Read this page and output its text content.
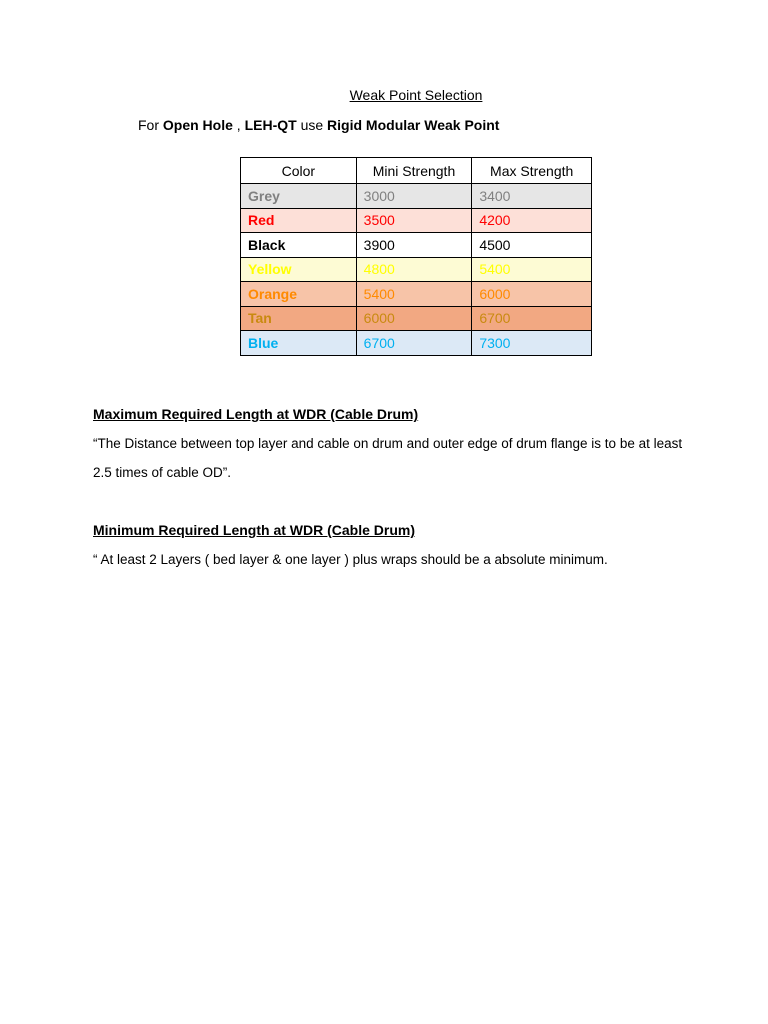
Weak Point Selection
For Open Hole , LEH-QT use Rigid Modular Weak Point
Color	Mini Strength	Max Strength
Grey	3000	3400
Red	3500	4200
Black	3900	4500
Yellow	4800	5400
Orange	5400	6000
Tan	6000	6700
Blue	6700	7300
Maximum Required Length at WDR (Cable Drum)
“The Distance between top layer and cable on drum and outer edge of drum flange is to be at least
2.5 times of cable OD”.
Minimum Required Length at WDR (Cable Drum)
“ At least 2 Layers ( bed layer & one layer ) plus wraps should be a absolute minimum.
